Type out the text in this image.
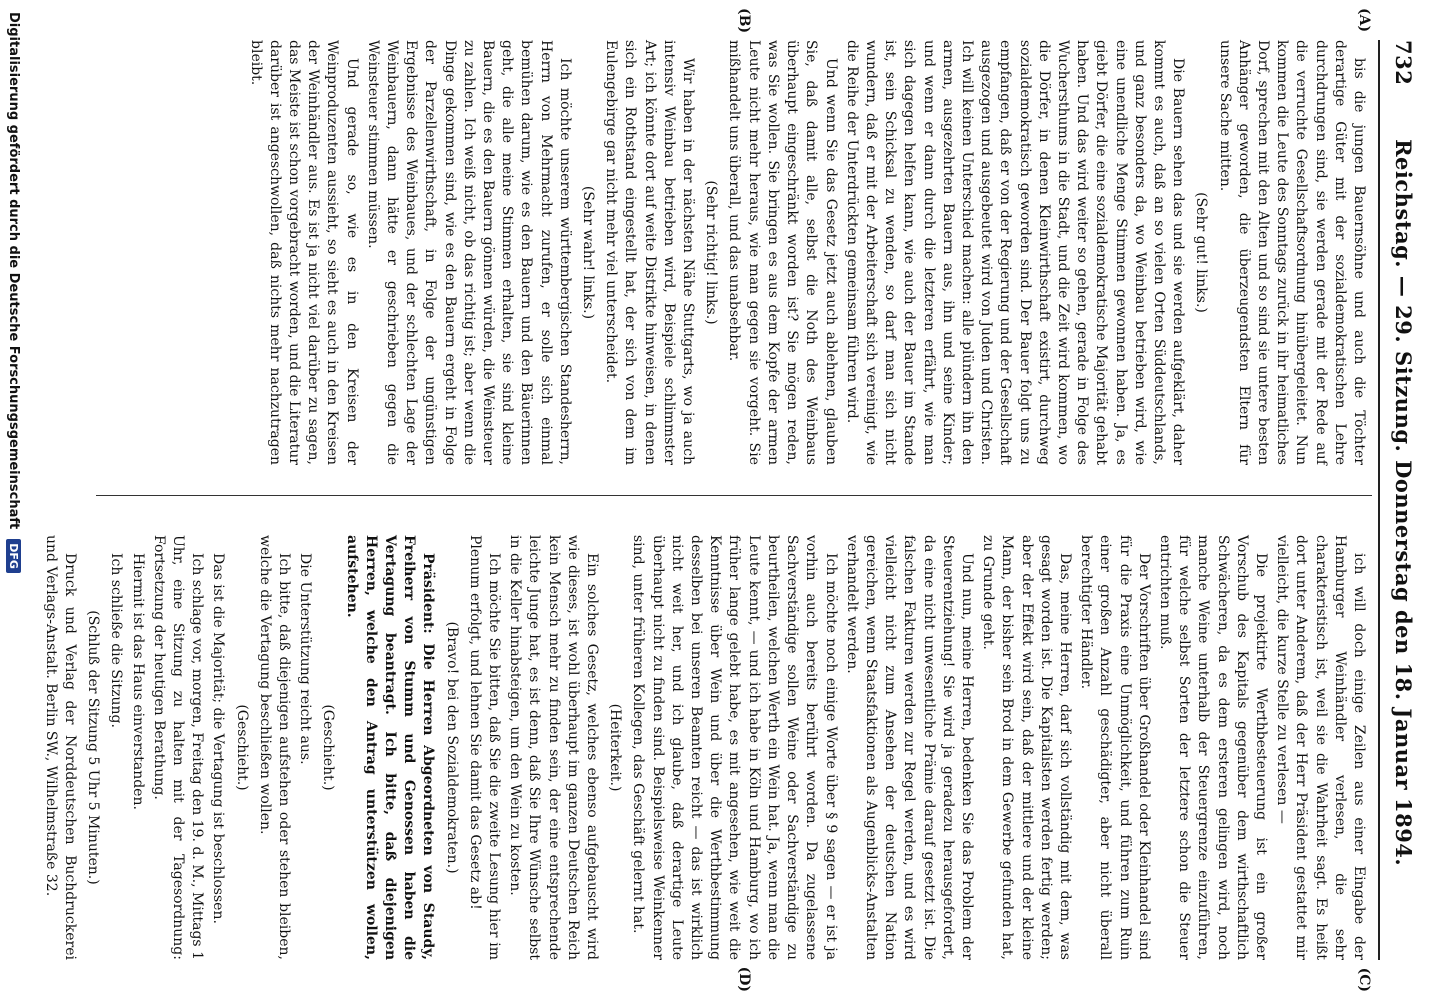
732
Reichstag. — 29. Sitzung. Donnerstag den 18. Januar 1894.
(A)
(B)
(C)
(D)

bis die jungen Bauernsöhne und auch die Töchter derartige Güter mit der sozialdemokratischen Lehre durchdrungen sind, sie werden gerade mit der Rede auf die verruchte Gesellschaftsordnung hinübergeleitet. Nun kommen die Leute des Sonntags zurück in ihr heimatliches Dorf, sprechen mit den Alten und so sind sie untere besten Anhänger geworden, die überzeugendsten Eltern für unsere Sache mitten.

(Sehr gut! links.)

Die Bauern sehen das und sie werden aufgeklärt, daher kommt es auch, daß an so vielen Orten Süddeutschlands, und ganz besonders da, wo Weinbau betrieben wird, wie eine unendliche Menge Stimmen gewonnen haben. Ja, es giebt Dörfer, die eine sozialdemokratische Majorität gehabt haben. Und das wird weiter so gehen, gerade in Folge des Wuchersthums in die Stadt, und die Zeit wird kommen, wo die Dörfer, in denen Kleinwirthschaft existirt, durchweg sozialdemokratisch geworden sind. Der Bauer folgt uns zu empfangen, daß er von der Regierung und der Gesellschaft ausgezogen und ausgebeutet wird von Juden und Christen. Ich will keinen Unterschied machen: alle plündern ihn den armen, ausgezehrten Bauern aus, ihn und seine Kinder; und wenn er dann durch die letzteren erfährt, wie man sich dagegen helfen kann, wie auch der Bauer im Stande ist, sein Schicksal zu wenden, so darf man sich nicht wundern, daß er mit der Arbeiterschaft sich vereinigt, wie die Reihe der Unterdrückten gemeinsam führen wird.

Und wenn Sie das Gesetz jetzt auch ablehnen, glauben Sie, daß damit alle, selbst die Noth des Weinbaus überhaupt eingeschränkt worden ist? Sie mögen reden, was Sie wollen. Sie bringen es aus dem Kopfe der armen Leute nicht mehr heraus, wie man gegen sie vorgeht. Sie mißhandelt uns überall, und das unabsehbar.

(Sehr richtig! links.)

Wir haben in der nächsten Nähe Stuttgarts, wo ja auch intensiv Weinbau betrieben wird, Beispiele schlimmster Art; ich könnte dort auf weite Distrikte hinweisen, in denen sich ein Rothstand eingestellt hat, der sich von dem im Eulengebirge gar nicht mehr viel unterscheidet.

(Sehr wahr! links.)

Ich möchte unserem württembergischen Standesherrn, Herrn von Mehrmacht zurufen, er solle sich einmal bemühen darum, wie es den Bauern und den Bäuerinnen geht, die alle meine Stimmen erhalten, sie sind kleine Bauern, die es den Bauern gönnen würden, die Weinsteuer zu zahlen. Ich weiß nicht, ob das richtig ist; aber wenn die Dinge gekommen sind, wie es den Bauern ergeht in Folge der Parzellenwirthschaft, in Folge der ungünstigen Ergebnisse des Weinbaues, und der schlechten Lage der Weinbauern, dann hätte er geschrieben gegen die Weinsteuer stimmen müssen.

Und gerade so, wie es in den Kreisen der Weinproduzenten aussieht, so sieht es auch in den Kreisen der Weinhändler aus. Es ist ja nicht viel darüber zu sagen, das Meiste ist schon vorgebracht worden, und die Literatur darüber ist angeschwollen, daß nichts mehr nachzutragen bleibt.

ich will doch einige Zeilen aus einer Eingabe der Hamburger Weinhändler verlesen, die sehr charakteristisch ist, weil sie die Wahrheit sagt. Es heißt dort unter Anderem, daß der Herr Präsident gestattet mir vielleicht, die kurze Stelle zu verlesen —

Die projektirte Werthbesteuerung ist ein großer Vorschub des Kapitals gegenüber dem wirthschaftlich Schwächeren, da es dem ersteren gelingen wird, noch manche Weine unterhalb der Steuergrenze einzuführen, für welche selbst Sorten der letztere schon die Steuer entrichten muß.

Der Vorschriften über Großhandel oder Kleinhandel sind für die Praxis eine Unmöglichkeit, und führen zum Ruin einer großen Anzahl geschädigter, aber nicht überall berechtigter Händler.

Das, meine Herren, darf sich vollständig mit dem, was gesagt worden ist. Die Kapitalisten werden fertig werden; aber der Effekt wird sein, daß der mittlere und der kleine Mann, der bisher sein Brod in dem Gewerbe gefunden hat, zu Grunde geht.

Und nun, meine Herren, bedenken Sie das Problem der Steuerentziehung! Sie wird ja geradezu herausgefordert, da eine nicht unwesentliche Prämie darauf gesetzt ist. Die falschen Fakturen werden zur Regel werden, und es wird vielleicht nicht zum Ansehen der deutschen Nation gereichen, wenn Staatsfaktionen als Augenblicks-Anstalten verhandelt werden.

Ich möchte noch einige Worte über § 9 sagen — er ist ja vorhin auch bereits berührt worden. Da zugelassene Sachverständige sollen Weine oder Sachverständige zu beurtheilen, welchen Werth ein Wein hat. Ja, wenn man die Leute kennt, — und ich habe in Köln und Hamburg, wo ich früher lange gelebt habe, es mit angesehen, wie weit die Kenntnisse über Wein und über die Werthbestimmung desselben bei unseren Beamten reicht — das ist wirklich nicht weit her, und ich glaube, daß derartige Leute überhaupt nicht zu finden sind. Beispielsweise Weinkenner sind, unter früheren Kollegen, das Geschäft gelernt hat.

(Heiterkeit.)

Ein solches Gesetz, welches ebenso aufgebauscht wird wie dieses, ist wohl überhaupt im ganzen Deutschen Reich kein Mensch mehr zu finden sein, der eine entsprechende leichte Junge hat, es ist denn, daß Sie Ihre Wünsche selbst in die Keller hinabsteigen, um den Wein zu kosten.

Ich möchte Sie bitten, daß Sie die zweite Lesung hier im Plenum erfolgt, und lehnen Sie damit das Gesetz ab!

(Bravo! bei den Sozialdemokraten.)

Präsident: Die Herren Abgeordneten von Staudy, Freiherr von Stumm und Genossen haben die Vertagung beantragt. Ich bitte, daß diejenigen Herren, welche den Antrag unterstützen wollen, aufstehen.

(Geschieht.)

Die Unterstützung reicht aus.

Ich bitte, daß diejenigen aufstehen oder stehen bleiben, welche die Vertagung beschließen wollen.

(Geschieht.)

Das ist die Majorität; die Vertagung ist beschlossen.

Ich schlage vor, morgen, Freitag den 19. d. M., Mittags 1 Uhr, eine Sitzung zu halten mit der Tagesordnung: Fortsetzung der heutigen Berathung.

Hiermit ist das Haus einverstanden.

Ich schließe die Sitzung.

(Schluß der Sitzung 5 Uhr 5 Minuten.)

Druck und Verlag der Norddeutschen Buchdruckerei und Verlags-Anstalt. Berlin SW., Wilhelmstraße 32.

Digitalisierung gefördert durch die Deutsche Forschungsgemeinschaft
DFG
